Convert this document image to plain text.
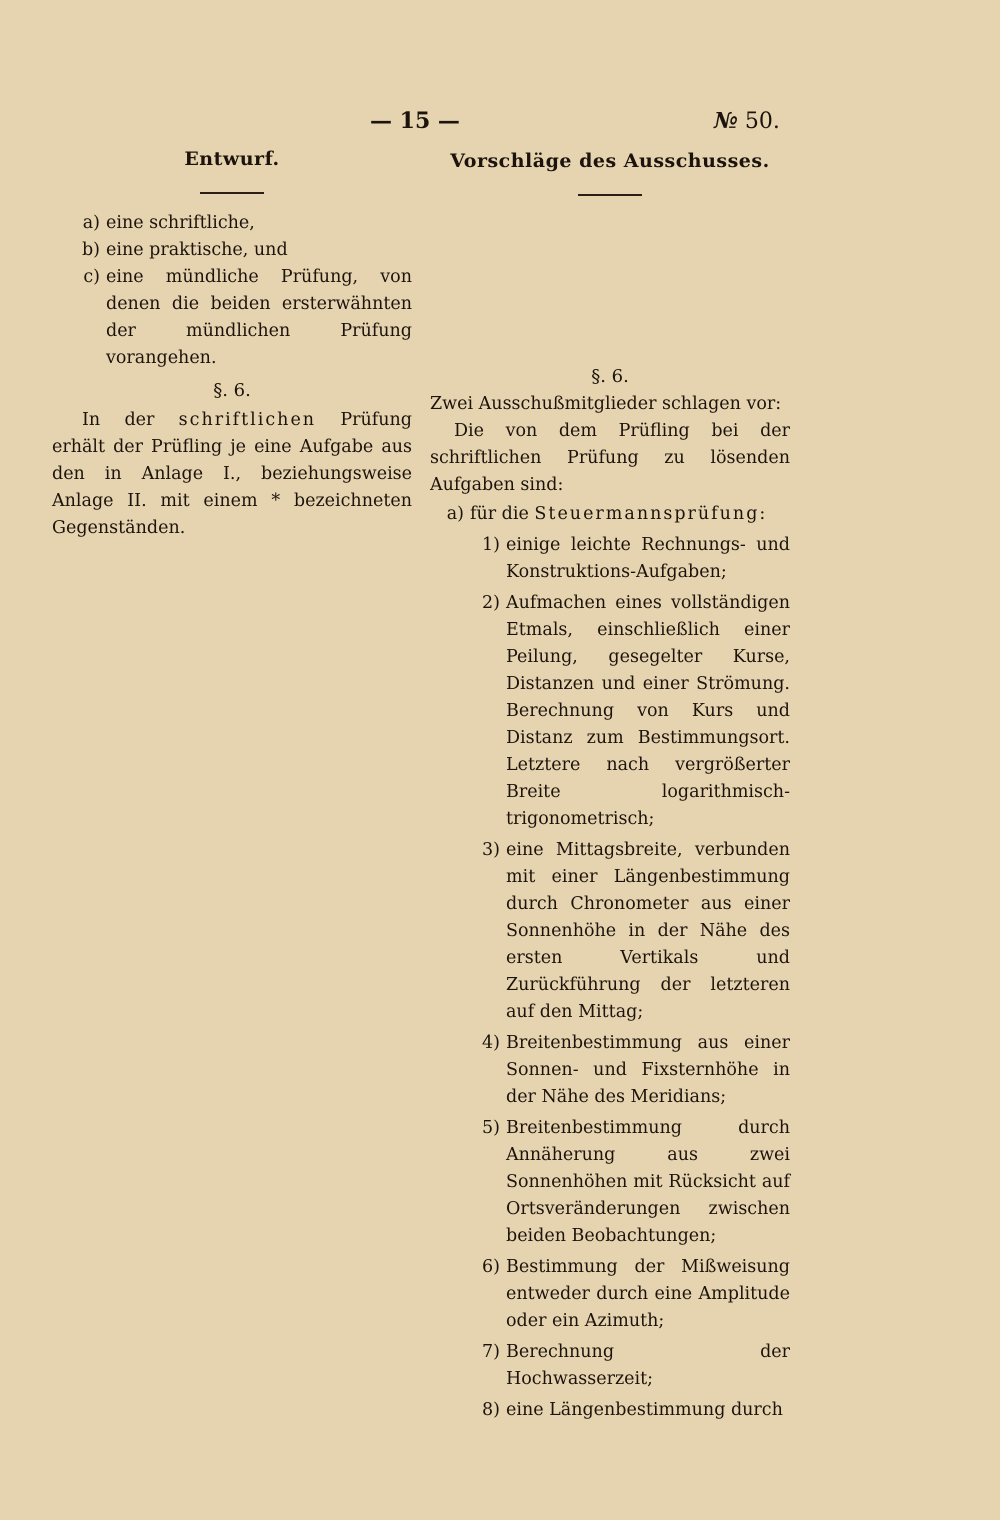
— 15 —	№ 50.
Entwurf.
a) eine schriftliche,
b) eine praktische, und
c) eine mündliche Prüfung, von denen die beiden ersterwähnten der mündlichen Prüfung vorangehen.
§. 6.
In der schriftlichen Prüfung erhält der Prüfling je eine Aufgabe aus den in Anlage I., beziehungsweise Anlage II. mit einem * bezeichneten Gegenständen.
Vorschläge des Ausschusses.
§. 6.
Zwei Ausschußmitglieder schlagen vor:
Die von dem Prüfling bei der schriftlichen Prüfung zu lösenden Aufgaben sind:
a) für die Steuermannsprüfung:
1) einige leichte Rechnungs- und Konstruktions-Aufgaben;
2) Aufmachen eines vollständigen Etmals, einschließlich einer Peilung, gesegelter Kurse, Distanzen und einer Strömung. Berechnung von Kurs und Distanz zum Bestimmungsort. Letztere nach vergrößerter Breite logarithmisch-trigonometrisch;
3) eine Mittagsbreite, verbunden mit einer Längenbestimmung durch Chronometer aus einer Sonnenhöhe in der Nähe des ersten Vertikals und Zurückführung der letzteren auf den Mittag;
4) Breitenbestimmung aus einer Sonnen- und Fixsternhöhe in der Nähe des Meridians;
5) Breitenbestimmung durch Annäherung aus zwei Sonnenhöhen mit Rücksicht auf Ortsveränderungen zwischen beiden Beobachtungen;
6) Bestimmung der Mißweisung entweder durch eine Amplitude oder ein Azimuth;
7) Berechnung der Hochwasserzeit;
8) eine Längenbestimmung durch
